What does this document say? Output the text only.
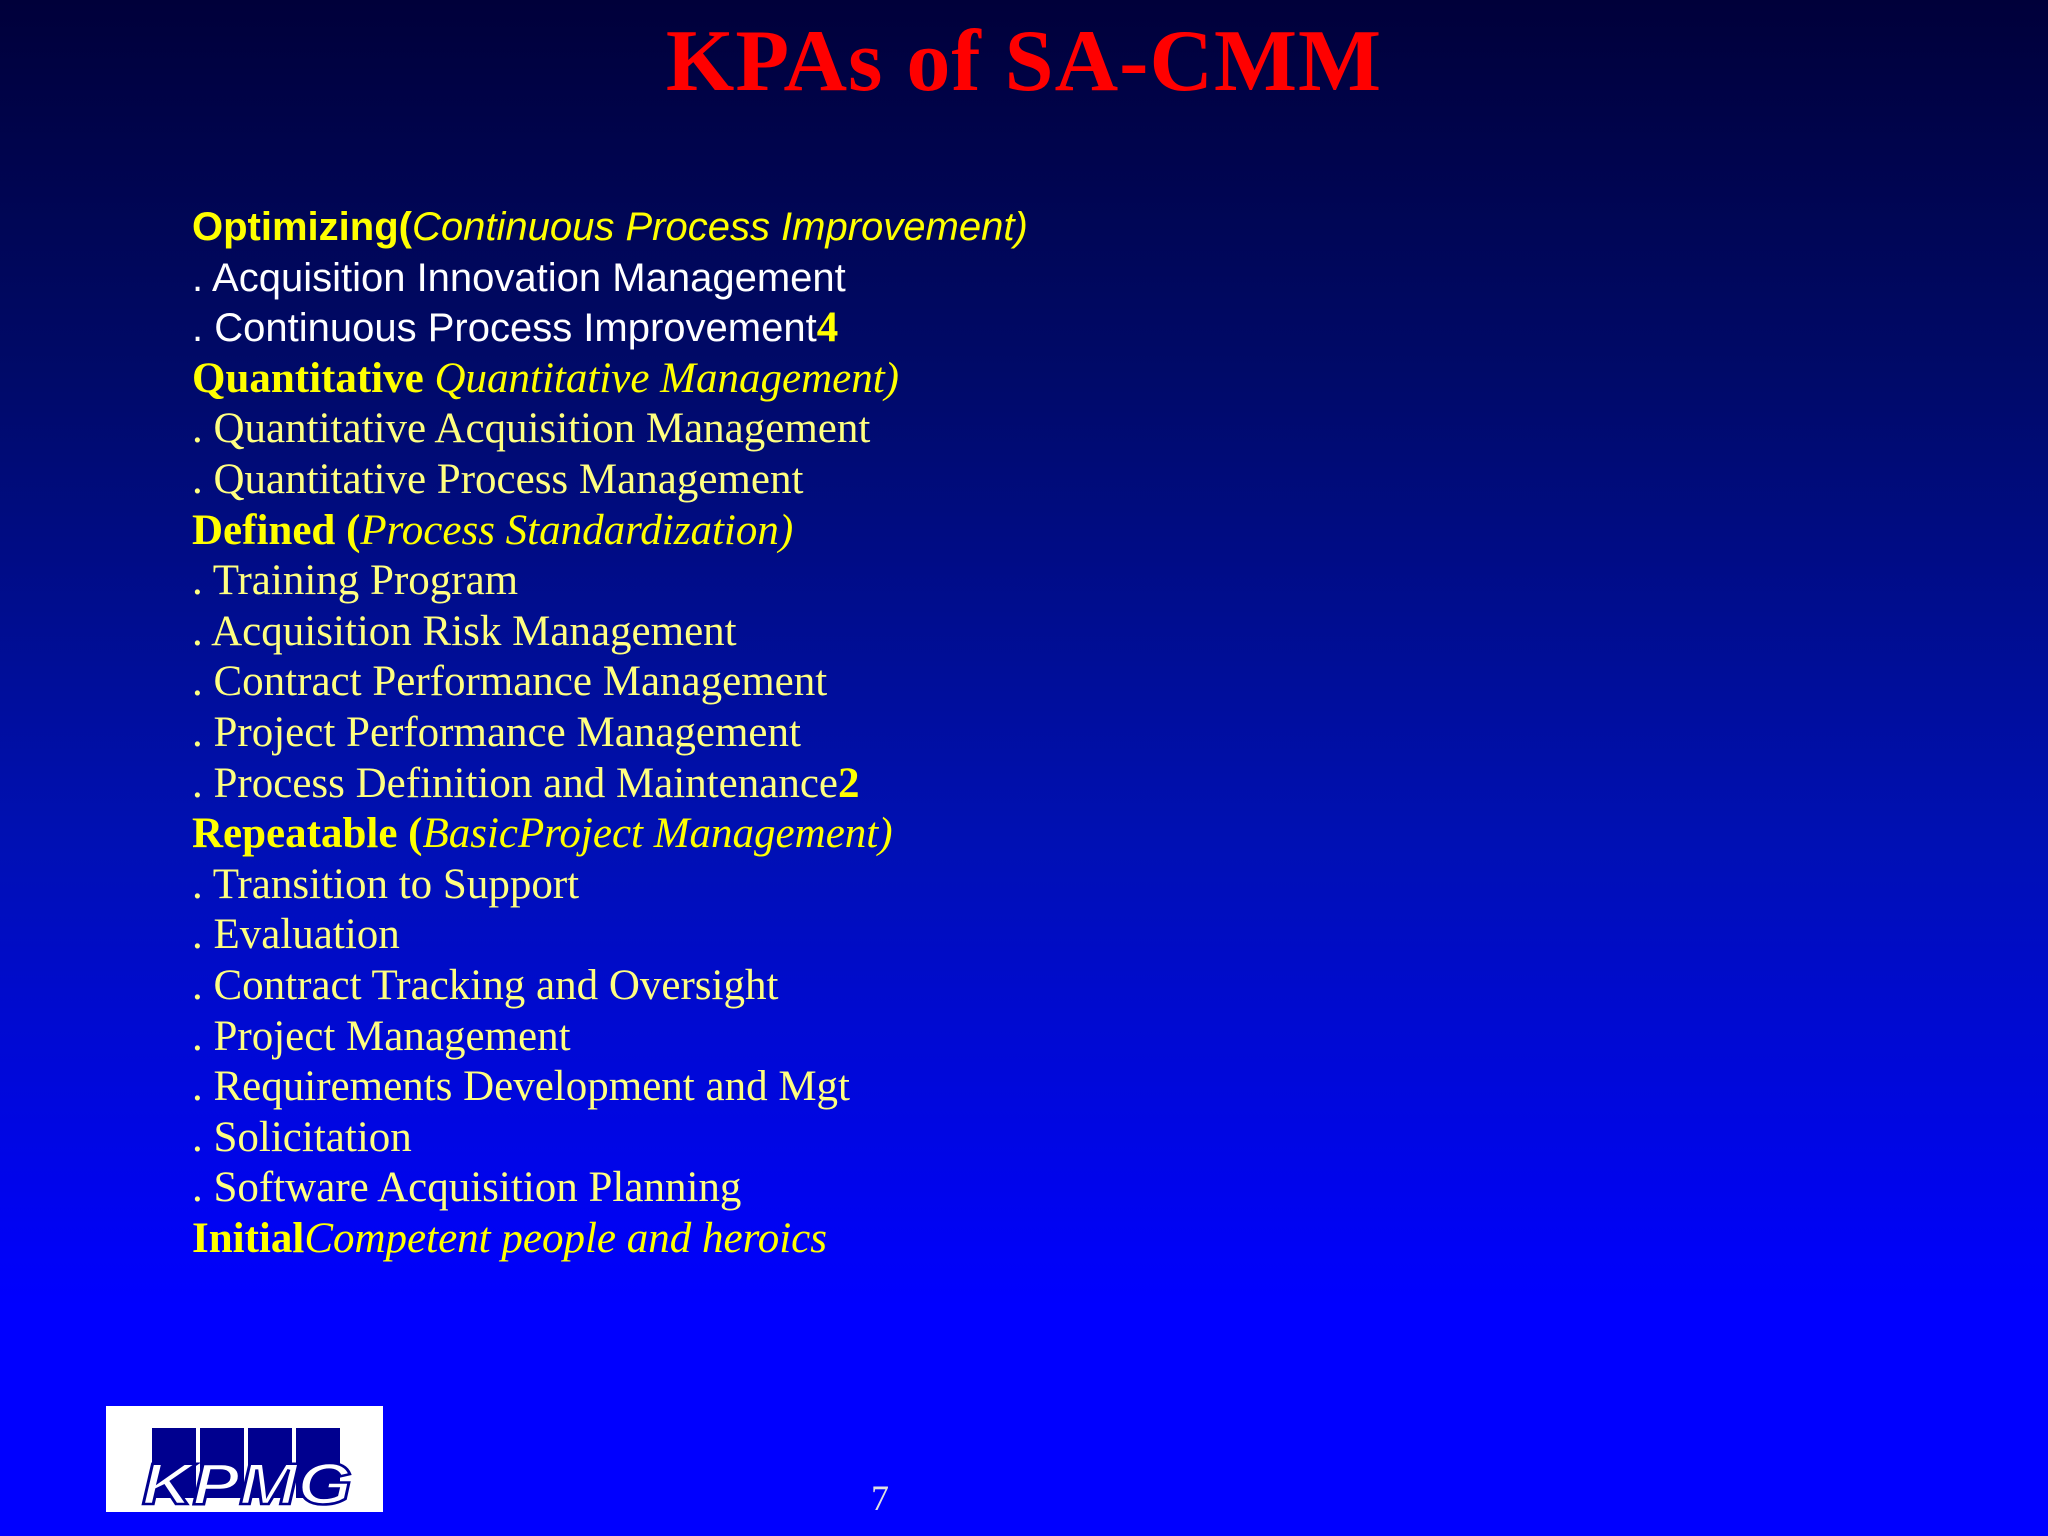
KPAs of SA-CMM
Optimizing(Continuous Process Improvement)
. Acquisition Innovation Management
. Continuous Process Improvement4
Quantitative Quantitative Management)
. Quantitative Acquisition Management
. Quantitative Process Management
Defined (Process Standardization)
. Training Program
. Acquisition Risk Management
. Contract Performance Management
. Project Performance Management
. Process Definition and Maintenance2
Repeatable (BasicProject Management)
. Transition to Support
. Evaluation
. Contract Tracking and Oversight
. Project Management
. Requirements Development and Mgt
. Solicitation
. Software Acquisition Planning
InitialCompetent people and heroics
KPMG	7
